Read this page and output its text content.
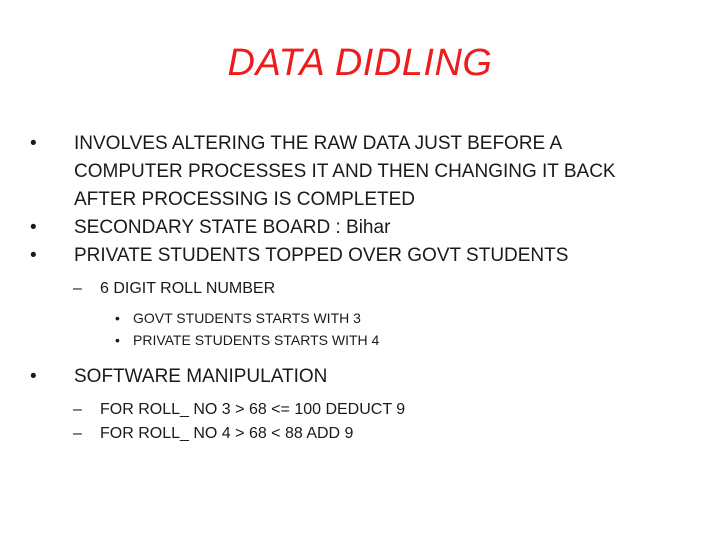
DATA DIDLING
• INVOLVES ALTERING THE RAW DATA JUST BEFORE A
COMPUTER PROCESSES IT AND THEN CHANGING IT BACK
AFTER PROCESSING IS COMPLETED
• SECONDARY STATE BOARD : Bihar
• PRIVATE STUDENTS TOPPED OVER GOVT STUDENTS
– 6 DIGIT ROLL NUMBER
• GOVT STUDENTS STARTS WITH 3
• PRIVATE STUDENTS STARTS WITH 4
• SOFTWARE MANIPULATION
– FOR ROLL_ NO 3 > 68 <= 100 DEDUCT 9
– FOR ROLL_ NO 4 > 68 < 88 ADD 9
